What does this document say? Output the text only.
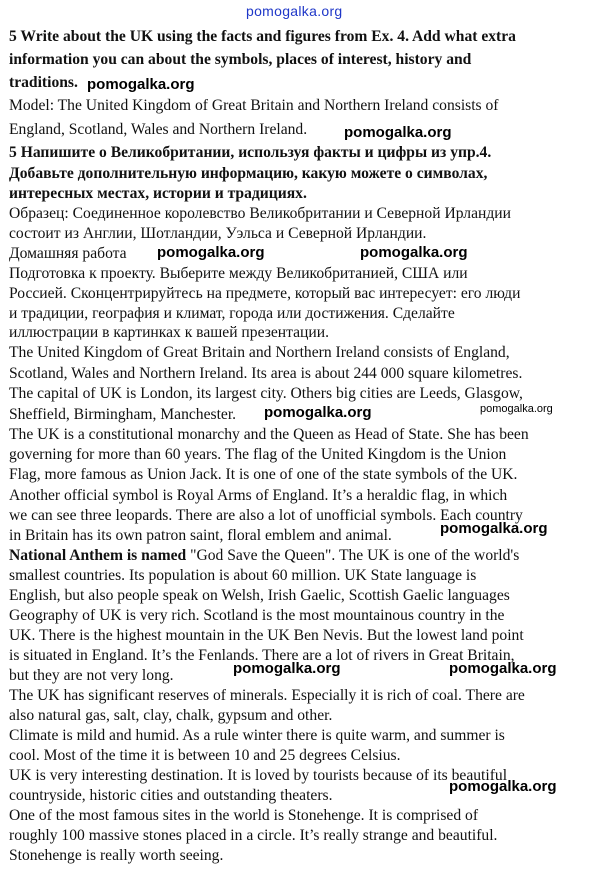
pomogalka.org
pomogalka.org
pomogalka.org
pomogalka.org	pomogalka.org
pomogalka.org	pomogalka.org
pomogalka.org
pomogalka.org	pomogalka.org
pomogalka.org

5 Write about the UK using the facts and figures from Ex. 4. Add what extra

information you can about the symbols, places of interest, history and

traditions.

Model: The United Kingdom of Great Britain and Northern Ireland consists of

England, Scotland, Wales and Northern Ireland.

5 Напишите о Великобритании, используя факты и цифры из упр.4.

Добавьте дополнительную информацию, какую можете о символах,

интересных местах, истории и традициях.

Образец: Соединенное королевство Великобритании и Северной Ирландии

состоит из Англии, Шотландии, Уэльса и Северной Ирландии.

Домашняя работа

Подготовка к проекту. Выберите между Великобританией, США или

Россией. Сконцентрируйтесь на предмете, который вас интересует: его люди

и традиции, география и климат, города или достижения. Сделайте

иллюстрации в картинках к вашей презентации.

The United Kingdom of Great Britain and Northern Ireland consists of England,

Scotland, Wales and Northern Ireland. Its area is about 244 000 square kilometres.

The capital of UK is London, its largest city. Others big cities are Leeds, Glasgow,

Sheffield, Birmingham, Manchester.

The UK is a constitutional monarchy and the Queen as Head of State. She has been

governing for more than 60 years. The flag of the United Kingdom is the Union

Flag, more famous as Union Jack. It is one of one of the state symbols of the UK.

Another official symbol is Royal Arms of England. It’s a heraldic flag, in which

we can see three leopards. There are also a lot of unofficial symbols. Each country

in Britain has its own patron saint, floral emblem and animal.

National Anthem is named "God Save the Queen". The UK is one of the world's

smallest countries. Its population is about 60 million. UK State language is

English, but also people speak on Welsh, Irish Gaelic, Scottish Gaelic languages

Geography of UK is very rich. Scotland is the most mountainous country in the

UK. There is the highest mountain in the UK Ben Nevis. But the lowest land point

is situated in England. It’s the Fenlands. There are a lot of rivers in Great Britain,

but they are not very long.

The UK has significant reserves of minerals. Especially it is rich of coal. There are

also natural gas, salt, clay, chalk, gypsum and other.

Climate is mild and humid. As a rule winter there is quite warm, and summer is

cool. Most of the time it is between 10 and 25 degrees Celsius.

UK is very interesting destination. It is loved by tourists because of its beautiful

countryside, historic cities and outstanding theaters.

One of the most famous sites in the world is Stonehenge. It is comprised of

roughly 100 massive stones placed in a circle. It’s really strange and beautiful.

Stonehenge is really worth seeing.
